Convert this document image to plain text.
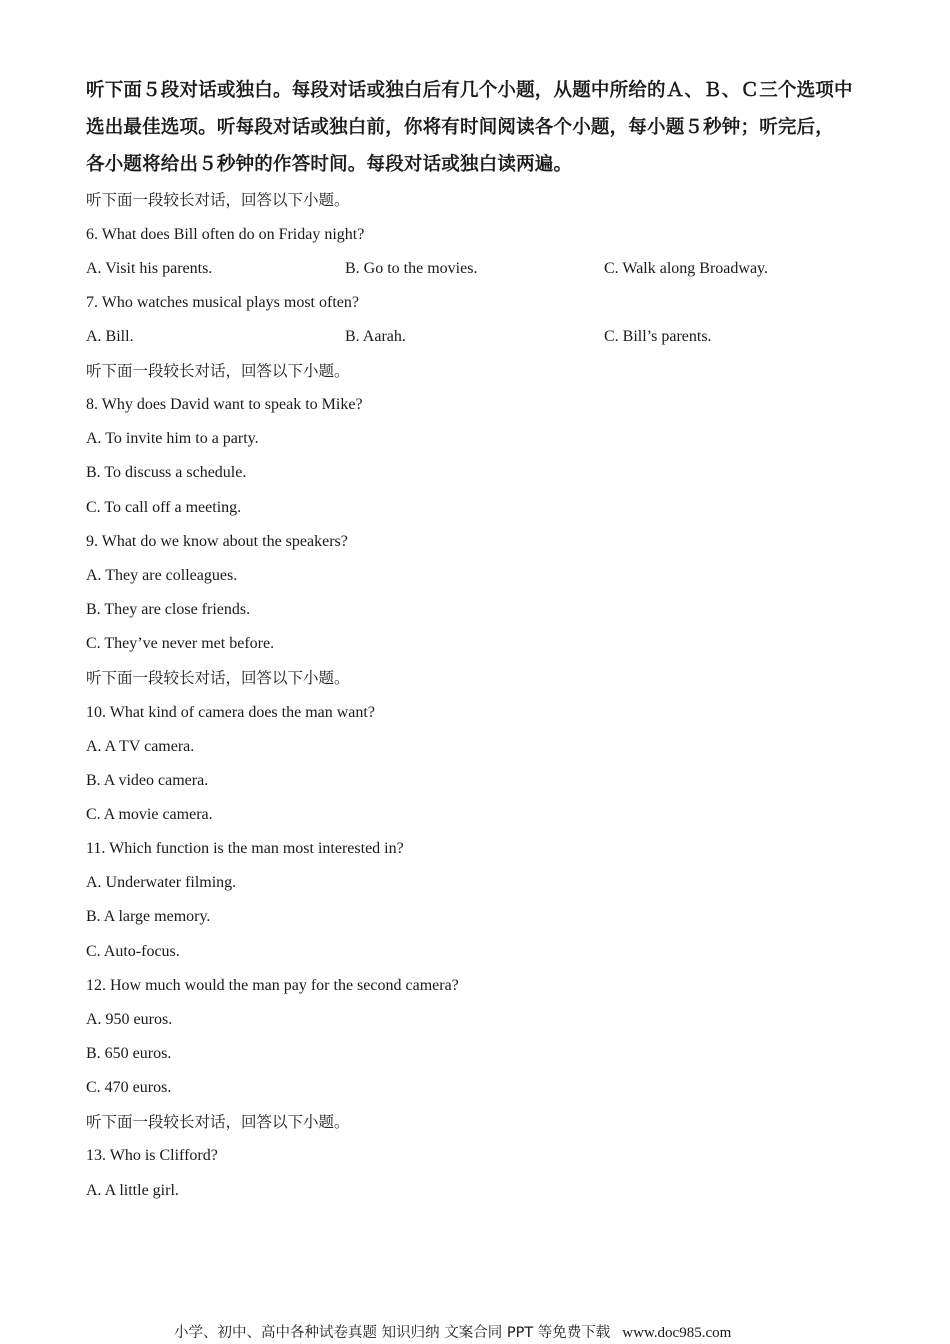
听下面５段对话或独白。每段对话或独白后有几个小题，从题中所给的Ａ、Ｂ、Ｃ三个选项中
选出最佳选项。听每段对话或独白前，你将有时间阅读各个小题，每小题５秒钟；听完后，
各小题将给出５秒钟的作答时间。每段对话或独白读两遍。
听下面一段较长对话，回答以下小题。
6. What does Bill often do on Friday night?
A. Visit his parents.	B. Go to the movies.	C. Walk along Broadway.
7. Who watches musical plays most often?
A. Bill.	B. Aarah.	C. Bill’s parents.
听下面一段较长对话，回答以下小题。
8. Why does David want to speak to Mike?
A. To invite him to a party.
B. To discuss a schedule.
C. To call off a meeting.
9. What do we know about the speakers?
A. They are colleagues.
B. They are close friends.
C. They’ve never met before.
听下面一段较长对话，回答以下小题。
10. What kind of camera does the man want?
A. A TV camera.
B. A video camera.
C. A movie camera.
11. Which function is the man most interested in?
A. Underwater filming.
B. A large memory.
C. Auto-focus.
12. How much would the man pay for the second camera?
A. 950 euros.
B. 650 euros.
C. 470 euros.
听下面一段较长对话，回答以下小题。
13. Who is Clifford?
A. A little girl.
小学、初中、高中各种试卷真题 知识归纳 文案合同 PPT 等免费下载 www.doc985.com
